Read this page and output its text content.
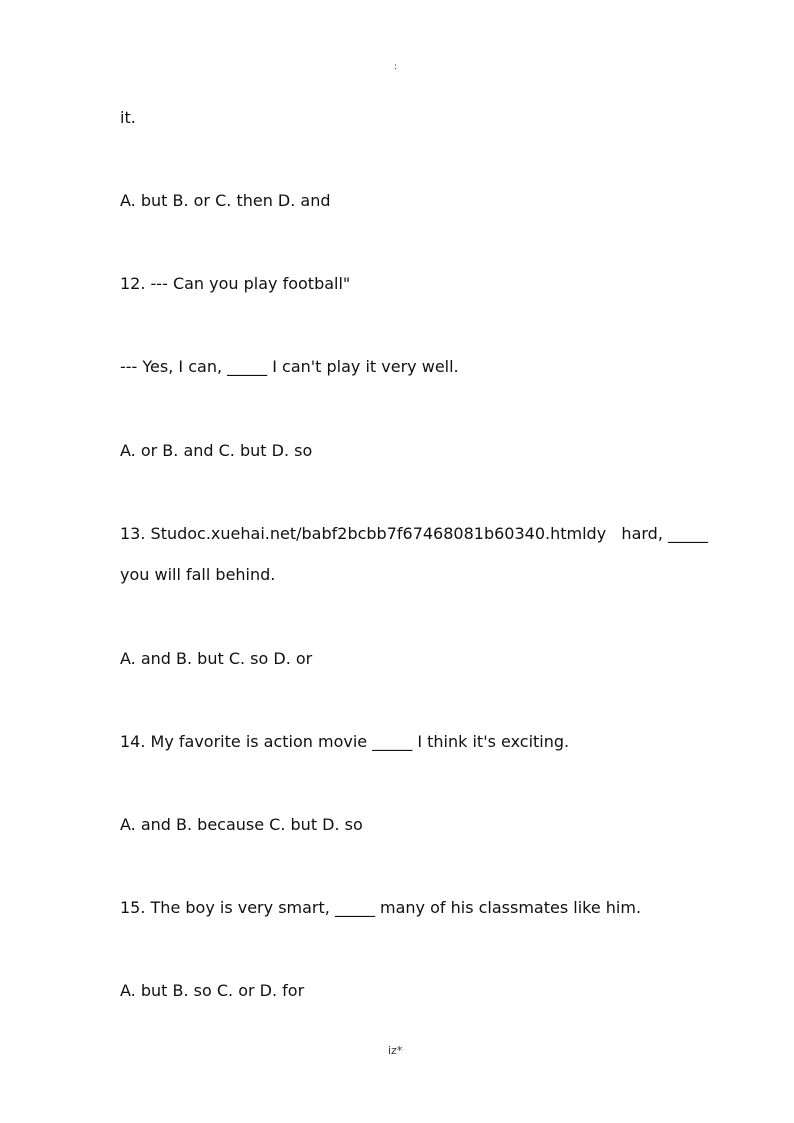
:
it.
A. but B. or C. then D. and
12. --- Can you play football"
--- Yes, I can, _____ I can't play it very well.
A. or B. and C. but D. so
13. Studoc.xuehai.net/babf2bcbb7f67468081b60340.htmldy   hard, _____
you will fall behind.
A. and B. but C. so D. or
14. My favorite is action movie _____ I think it's exciting.
A. and B. because C. but D. so
15. The boy is very smart, _____ many of his classmates like him.
A. but B. so C. or D. for
iz*
